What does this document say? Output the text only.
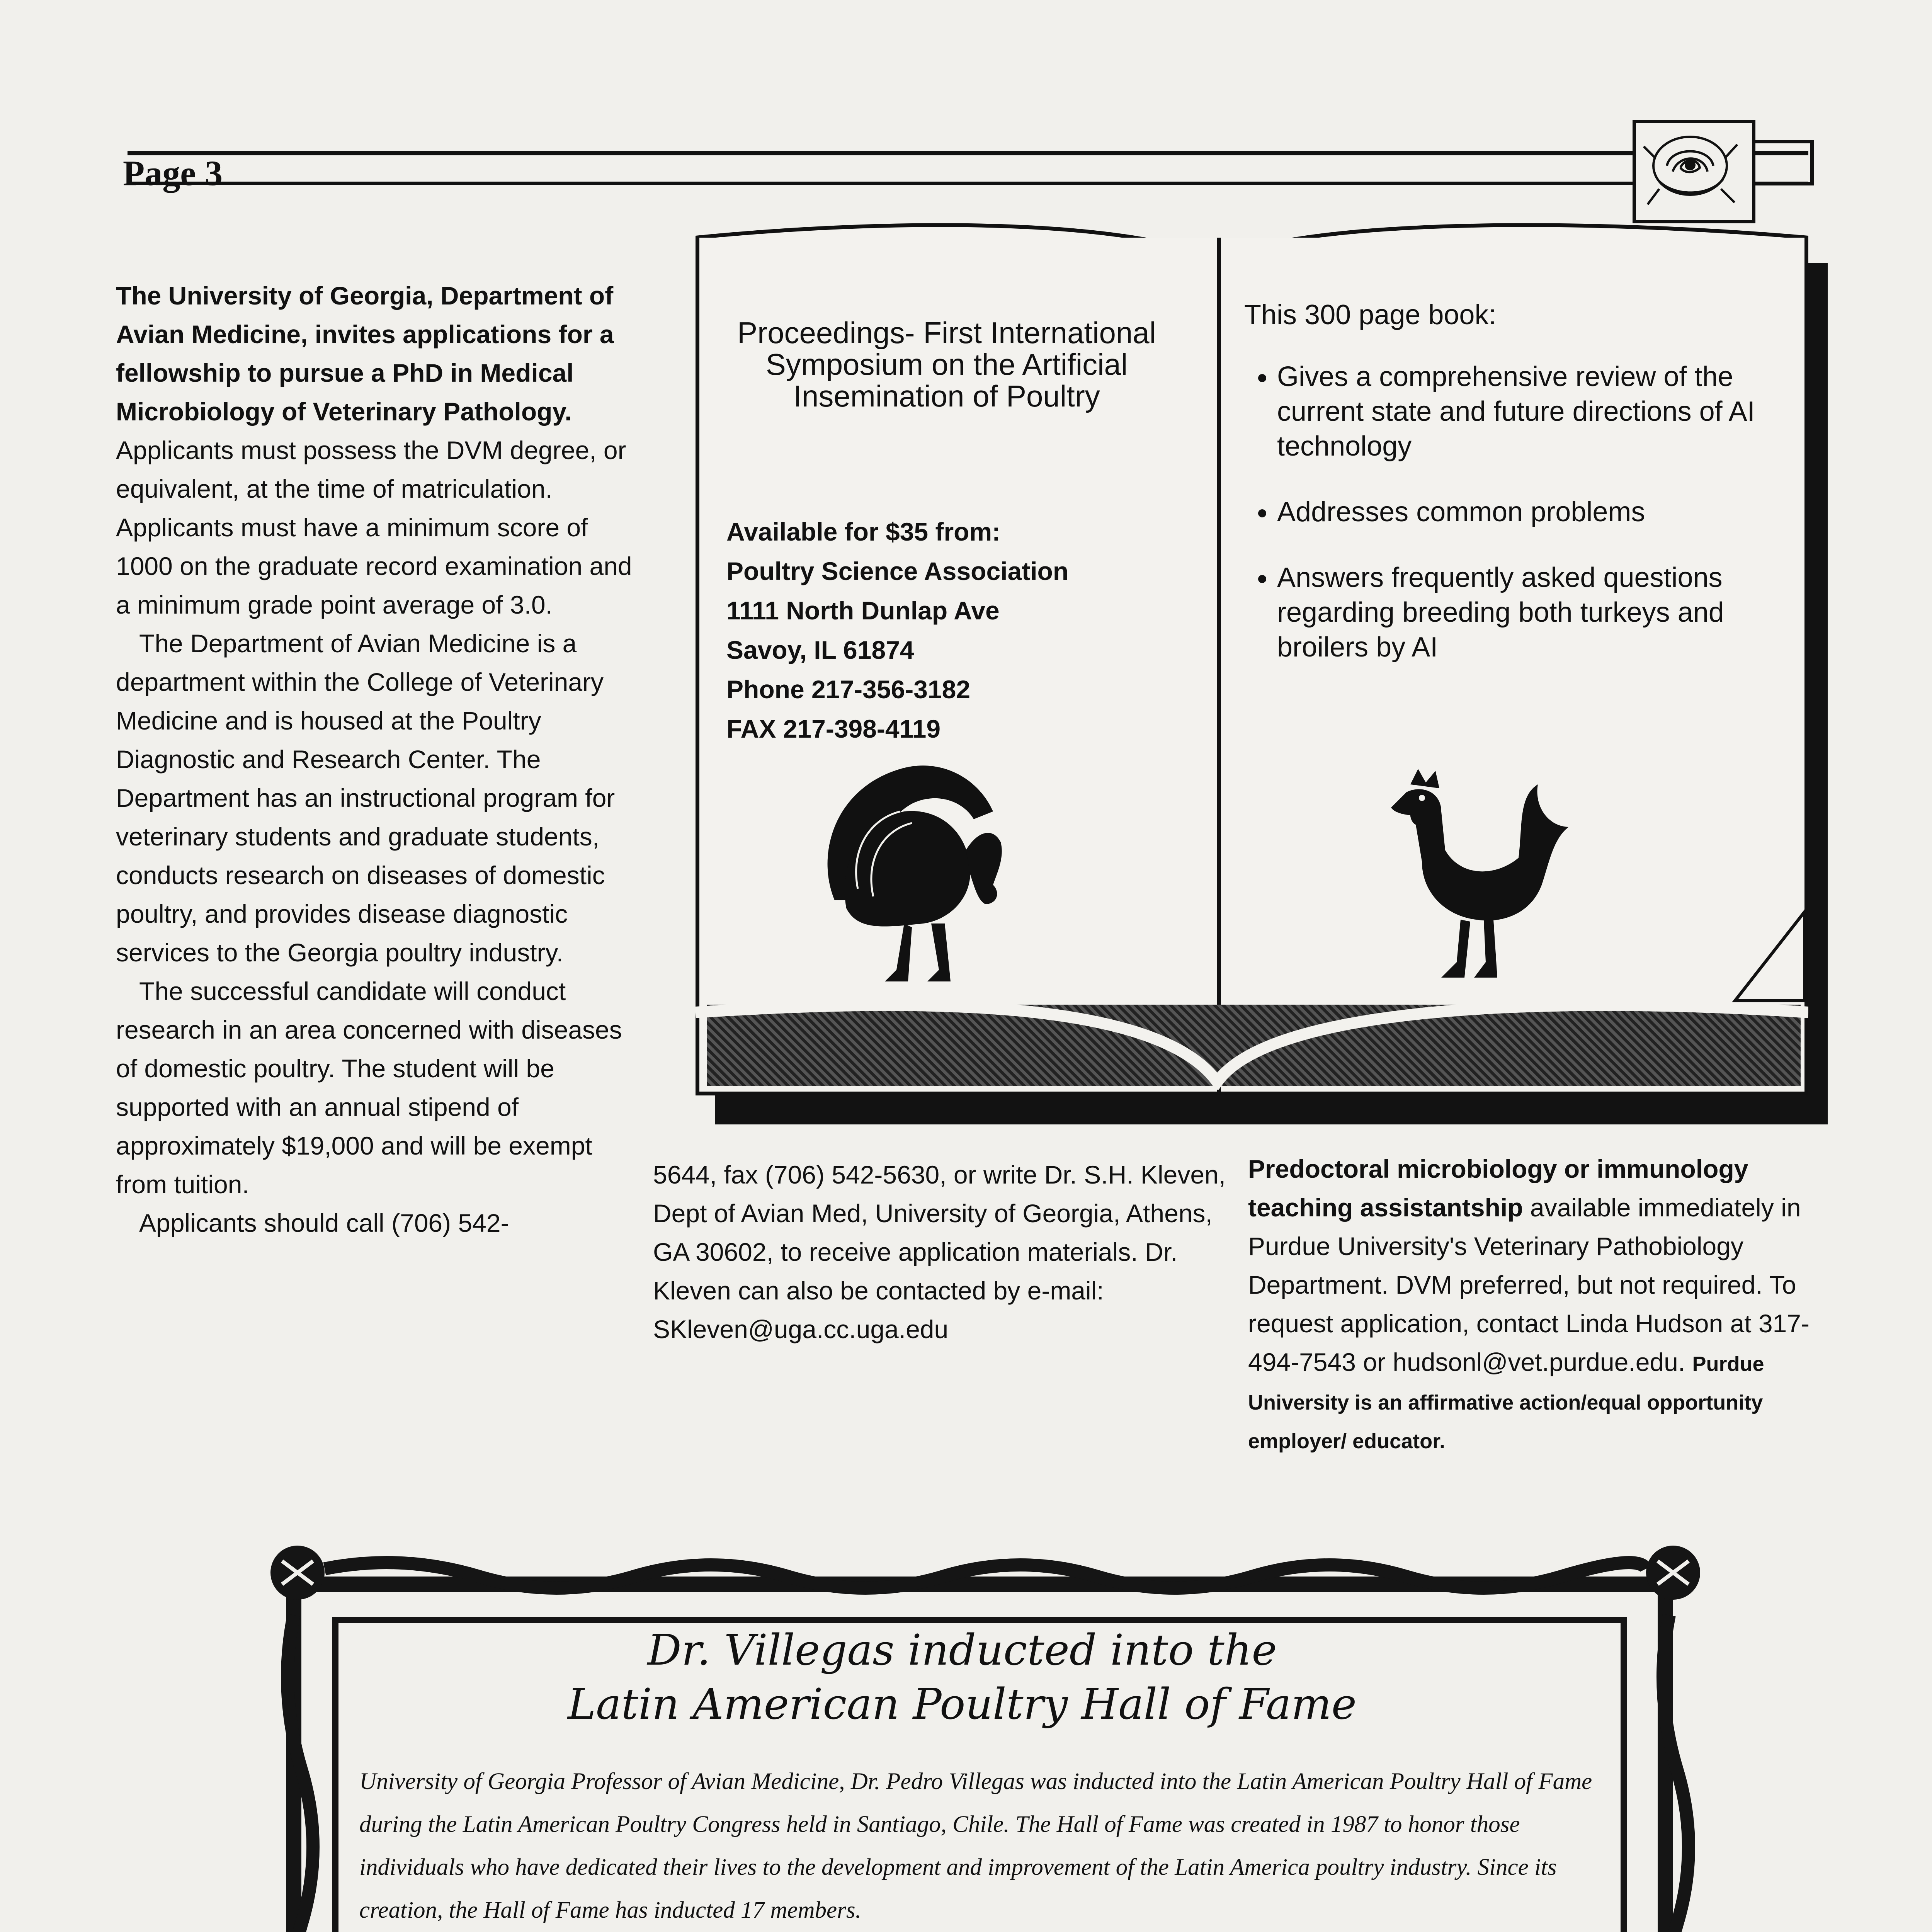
Page 3

The University of Georgia, Department of Avian Medicine, invites applications for a fellowship to pursue a PhD in Medical Microbiology of Veterinary Pathology. Applicants must possess the DVM degree, or equivalent, at the time of matriculation. Applicants must have a minimum score of 1000 on the graduate record examination and a minimum grade point average of 3.0.

The Department of Avian Medicine is a department within the College of Veterinary Medicine and is housed at the Poultry Diagnostic and Research Center. The Department has an instructional program for veterinary students and graduate students, conducts research on diseases of domestic poultry, and provides disease diagnostic services to the Georgia poultry industry.

The successful candidate will conduct research in an area concerned with diseases of domestic poultry. The student will be supported with an annual stipend of approximately $19,000 and will be exempt from tuition.

Applicants should call (706) 542-

Proceedings- First International Symposium on the Artificial Insemination of Poultry
Available for $35 from:
Poultry Science Association
1111 North Dunlap Ave
Savoy, IL 61874
Phone 217-356-3182
FAX 217-398-4119
This 300 page book:
• Gives a comprehensive review of the current state and future directions of AI technology
• Addresses common problems
• Answers frequently asked questions regarding breeding both turkeys and broilers by AI
5644, fax (706) 542-5630, or write Dr. S.H. Kleven, Dept of Avian Med, University of Georgia, Athens, GA 30602, to receive application materials. Dr. Kleven can also be contacted by e-mail: SKleven@uga.cc.uga.edu
Predoctoral microbiology or immunology teaching assistantship available immediately in Purdue University's Veterinary Pathobiology Department. DVM preferred, but not required. To request application, contact Linda Hudson at 317-494-7543 or hudsonl@vet.purdue.edu. Purdue University is an affirmative action/equal opportunity employer/ educator.
Dr. Villegas inducted into the
Latin American Poultry Hall of Fame

University of Georgia Professor of Avian Medicine, Dr. Pedro Villegas was inducted into the Latin American Poultry Hall of Fame during the Latin American Poultry Congress held in Santiago, Chile. The Hall of Fame was created in 1987 to honor those individuals who have dedicated their lives to the development and improvement of the Latin America poultry industry. Since its creation, the Hall of Fame has inducted 17 members.
